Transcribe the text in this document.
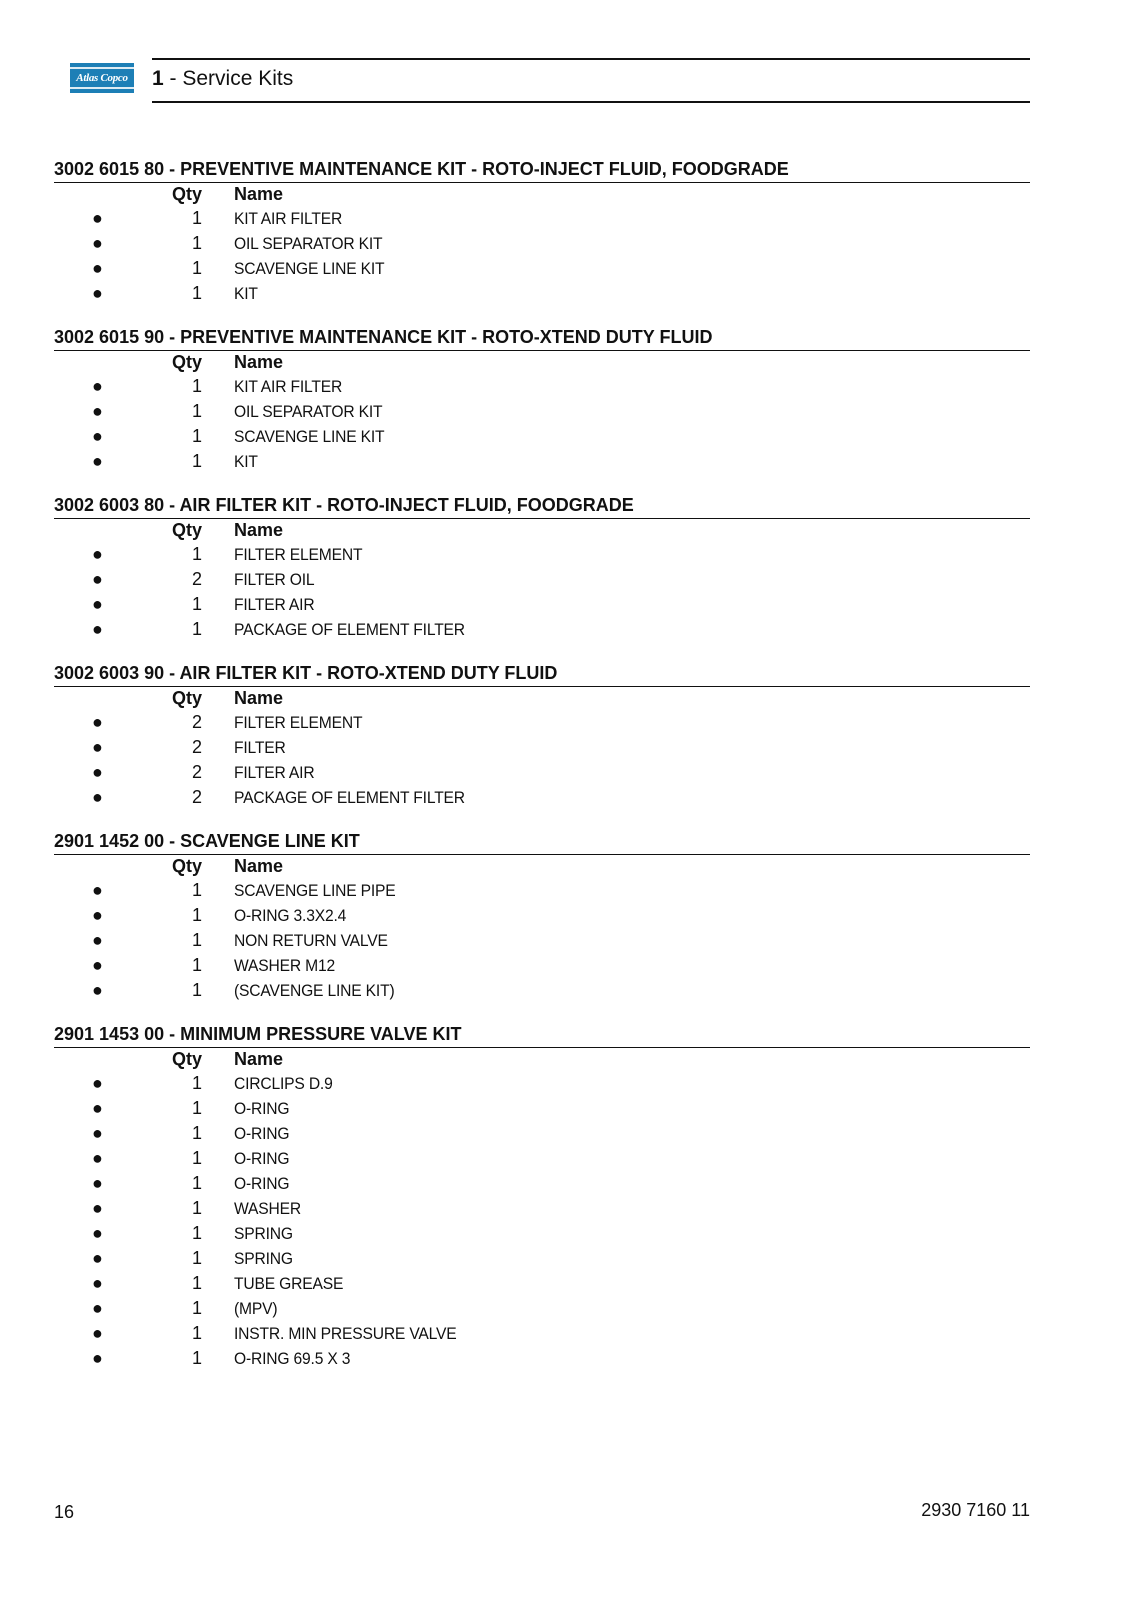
Atlas Copco 1 - Service Kits
3002 6015 80 - PREVENTIVE MAINTENANCE KIT - ROTO-INJECT FLUID, FOODGRADE
Qty Name
●	1 KIT AIR FILTER
●	1 OIL SEPARATOR KIT
●	1 SCAVENGE LINE KIT
●	1 KIT
3002 6015 90 - PREVENTIVE MAINTENANCE KIT - ROTO-XTEND DUTY FLUID
Qty Name
●	1 KIT AIR FILTER
●	1 OIL SEPARATOR KIT
●	1 SCAVENGE LINE KIT
●	1 KIT
3002 6003 80 - AIR FILTER KIT - ROTO-INJECT FLUID, FOODGRADE
Qty Name
●	1 FILTER ELEMENT
●	2 FILTER OIL
●	1 FILTER AIR
●	1 PACKAGE OF ELEMENT FILTER
3002 6003 90 - AIR FILTER KIT - ROTO-XTEND DUTY FLUID
Qty Name
●	2 FILTER ELEMENT
●	2 FILTER
●	2 FILTER AIR
●	2 PACKAGE OF ELEMENT FILTER
2901 1452 00 - SCAVENGE LINE KIT
Qty Name
●	1 SCAVENGE LINE PIPE
●	1 O-RING 3.3X2.4
●	1 NON RETURN VALVE
●	1 WASHER M12
●	1 (SCAVENGE LINE KIT)
2901 1453 00 - MINIMUM PRESSURE VALVE KIT
Qty Name
●	1 CIRCLIPS D.9
●	1 O-RING
●	1 O-RING
●	1 O-RING
●	1 O-RING
●	1 WASHER
●	1 SPRING
●	1 SPRING
●	1 TUBE GREASE
●	1 (MPV)
●	1 INSTR. MIN PRESSURE VALVE
●	1 O-RING 69.5 X 3
16	2930 7160 11
